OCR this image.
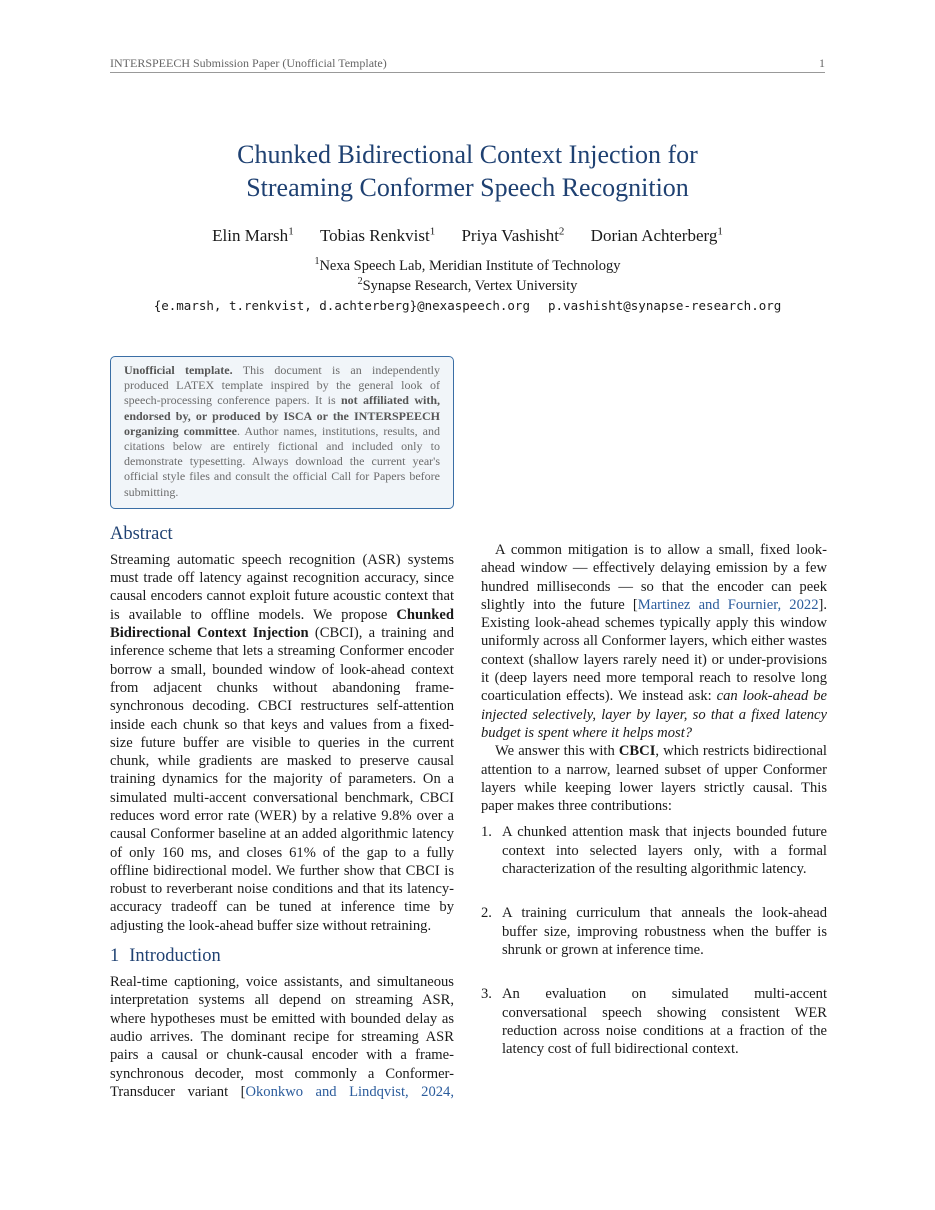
INTERSPEECH Submission Paper (Unofficial Template)	1
Chunked Bidirectional Context Injection for
Streaming Conformer Speech Recognition
Elin Marsh$^1$ Tobias Renkvist$^1$ Priya Vashisht$^2$ Dorian Achterberg$^1$
$^1$Nexa Speech Lab, Meridian Institute of Technology
$^2$Synapse Research, Vertex University
{e.marsh, t.renkvist, d.achterberg}@nexaspeech.org p.vashisht@synapse-research.org
Unofficial template. This document is an independently produced LATEX template inspired by the general look of speech-processing conference papers. It is not affiliated with, endorsed by, or produced by ISCA or the INTERSPEECH organizing committee. Author names, institutions, results, and citations below are entirely fictional and included only to demonstrate typesetting. Always download the current year's official style files and consult the official Call for Papers before submitting.
Abstract

Streaming automatic speech recognition (ASR) systems must trade off latency against recognition accuracy, since causal encoders cannot exploit future acoustic context that is available to offline models. We propose Chunked Bidirectional Context Injection (CBCI), a training and inference scheme that lets a streaming Conformer encoder borrow a small, bounded window of look-ahead context from adjacent chunks without abandoning frame-synchronous decoding. CBCI restructures self-attention inside each chunk so that keys and values from a fixed-size future buffer are visible to queries in the current chunk, while gradients are masked to preserve causal training dynamics for the majority of parameters. On a simulated multi-accent conversational benchmark, CBCI reduces word error rate (WER) by a relative 9.8% over a causal Conformer baseline at an added algorithmic latency of only 160 ms, and closes 61% of the gap to a fully offline bidirectional model. We further show that CBCI is robust to reverberant noise conditions and that its latency-accuracy tradeoff can be tuned at inference time by adjusting the look-ahead buffer size without retraining.

1 Introduction

Real-time captioning, voice assistants, and simultaneous interpretation systems all depend on streaming ASR, where hypotheses must be emitted with bounded delay as audio arrives. The dominant recipe for streaming ASR pairs a causal or chunk-causal encoder with a frame-synchronous decoder, most commonly a Conformer-Transducer variant [Okonkwo and Lindqvist, 2024,

A common mitigation is to allow a small, fixed look-ahead window — effectively delaying emission by a few hundred milliseconds — so that the encoder can peek slightly into the future [Martinez and Fournier, 2022]. Existing look-ahead schemes typically apply this window uniformly across all Conformer layers, which either wastes context (shallow layers rarely need it) or under-provisions it (deep layers need more temporal reach to resolve long coarticulation effects). We instead ask: can look-ahead be injected selectively, layer by layer, so that a fixed latency budget is spent where it helps most?

We answer this with CBCI, which restricts bidirectional attention to a narrow, learned subset of upper Conformer layers while keeping lower layers strictly causal. This paper makes three contributions:

1. A chunked attention mask that injects bounded future context into selected layers only, with a formal characterization of the resulting algorithmic latency.
2. A training curriculum that anneals the look-ahead buffer size, improving robustness when the buffer is shrunk or grown at inference time.
3. An evaluation on simulated multi-accent conversational speech showing consistent WER reduction across noise conditions at a fraction of the latency cost of full bidirectional context.
